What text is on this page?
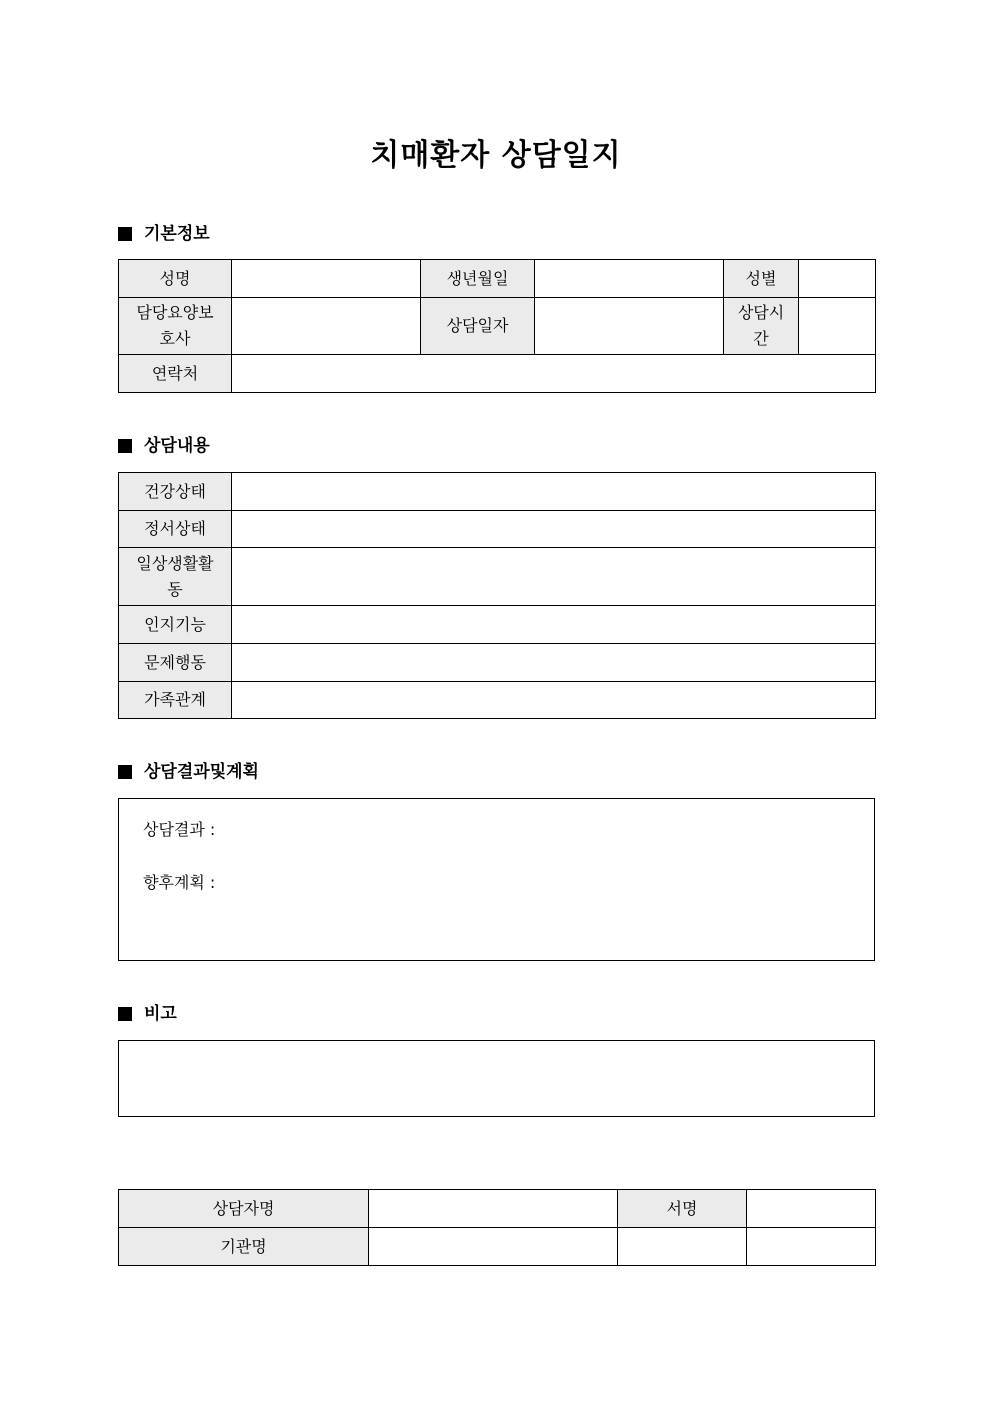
치매환자 상담일지
기본정보
성명		생년월일		성별	
담당요양보호사		상담일자		상담시간	
연락처					
상담내용
건강상태	
정서상태	
일상생활활동	
인지기능	
문제행동	
가족관계	
상담결과및계획
상담결과 :
향후계획 :
비고
상담자명		서명	
기관명			
